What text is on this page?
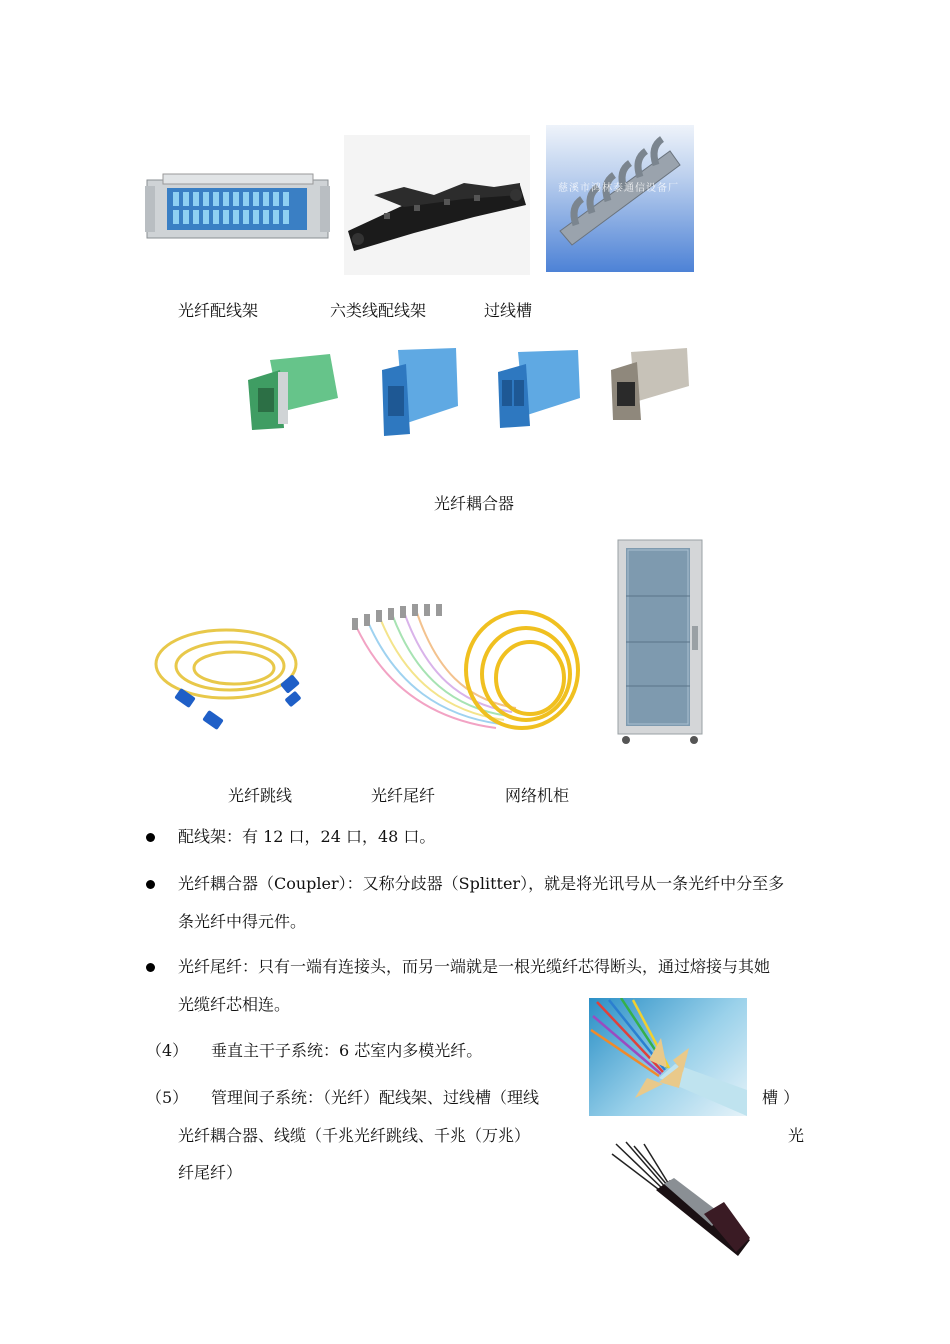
慈溪市鸿林泰通信设备厂
光纤配线架	六类线配线架	过线槽
光纤耦合器
光纤跳线	光纤尾纤	网络机柜
配线架：有 12 口，24 口，48 口。
光纤耦合器（Coupler）：又称分歧器（Splitter），就是将光讯号从一条光纤中分至多
条光纤中得元件。
光纤尾纤：只有一端有连接头，而另一端就是一根光缆纤芯得断头，通过熔接与其她
光缆纤芯相连。
（4） 垂直主干子系统：6 芯室内多模光纤。
（5） 管理间子系统：（光纤）配线架、过线槽（理线	槽 ）
光纤耦合器、线缆（千兆光纤跳线、千兆（万兆）	光
纤尾纤）
